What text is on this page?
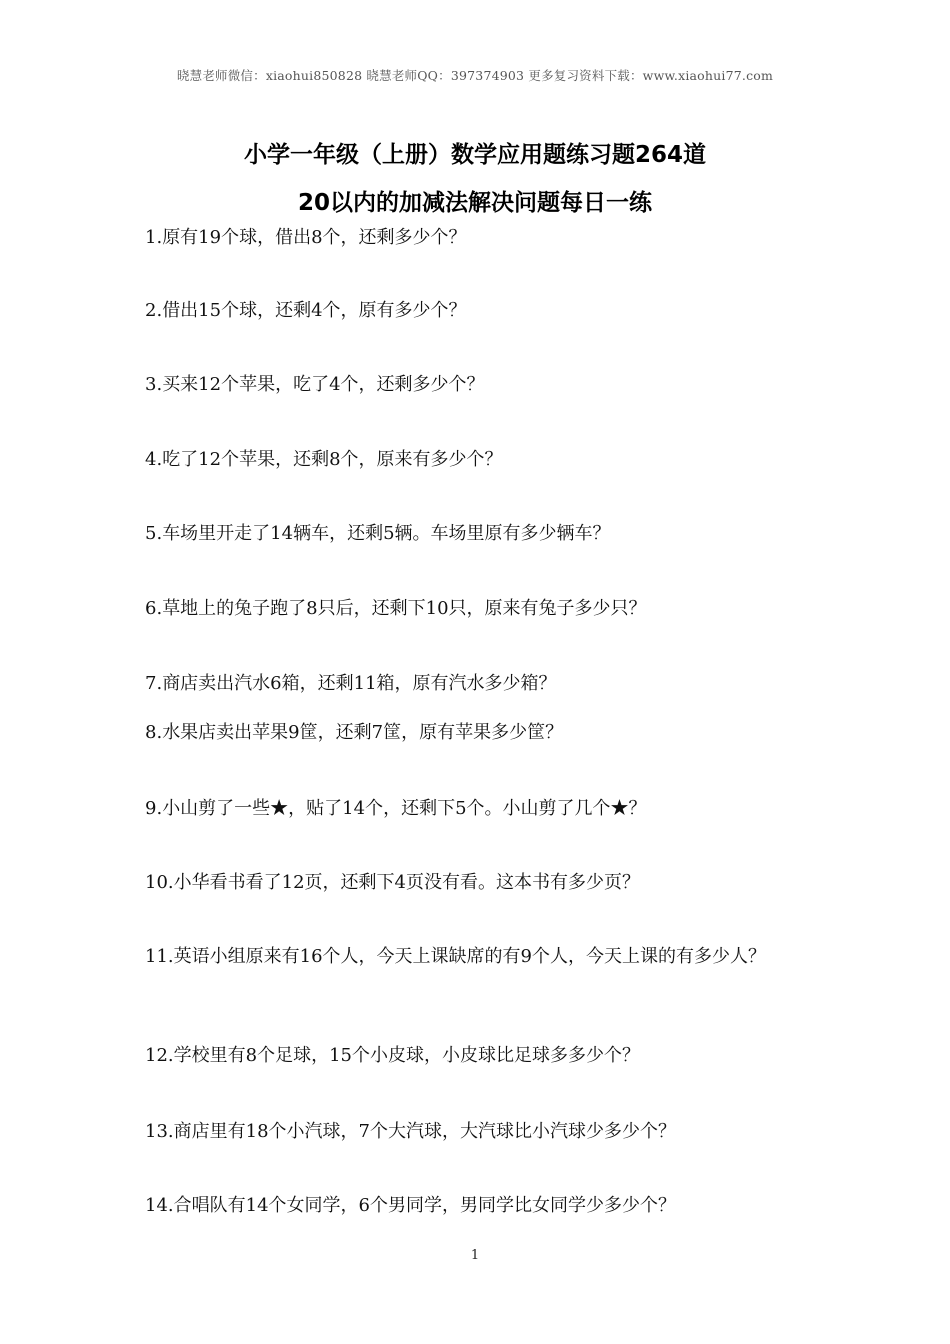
晓慧老师微信：xiaohui850828 晓慧老师QQ：397374903 更多复习资料下载：www.xiaohui77.com
小学一年级（上册）数学应用题练习题264道
20以内的加减法解决问题每日一练
1.原有19个球，借出8个，还剩多少个？
2.借出15个球，还剩4个，原有多少个？
3.买来12个苹果，吃了4个，还剩多少个？
4.吃了12个苹果，还剩8个，原来有多少个？
5.车场里开走了14辆车，还剩5辆。车场里原有多少辆车？
6.草地上的兔子跑了8只后，还剩下10只，原来有兔子多少只？
7.商店卖出汽水6箱，还剩11箱，原有汽水多少箱？
8.水果店卖出苹果9筐，还剩7筐，原有苹果多少筐？
9.小山剪了一些★，贴了14个，还剩下5个。小山剪了几个★？
10.小华看书看了12页，还剩下4页没有看。这本书有多少页？
11.英语小组原来有16个人，今天上课缺席的有9个人，今天上课的有多少人？
12.学校里有8个足球，15个小皮球，小皮球比足球多多少个？
13.商店里有18个小汽球，7个大汽球，大汽球比小汽球少多少个？
14.合唱队有14个女同学，6个男同学，男同学比女同学少多少个？
1
